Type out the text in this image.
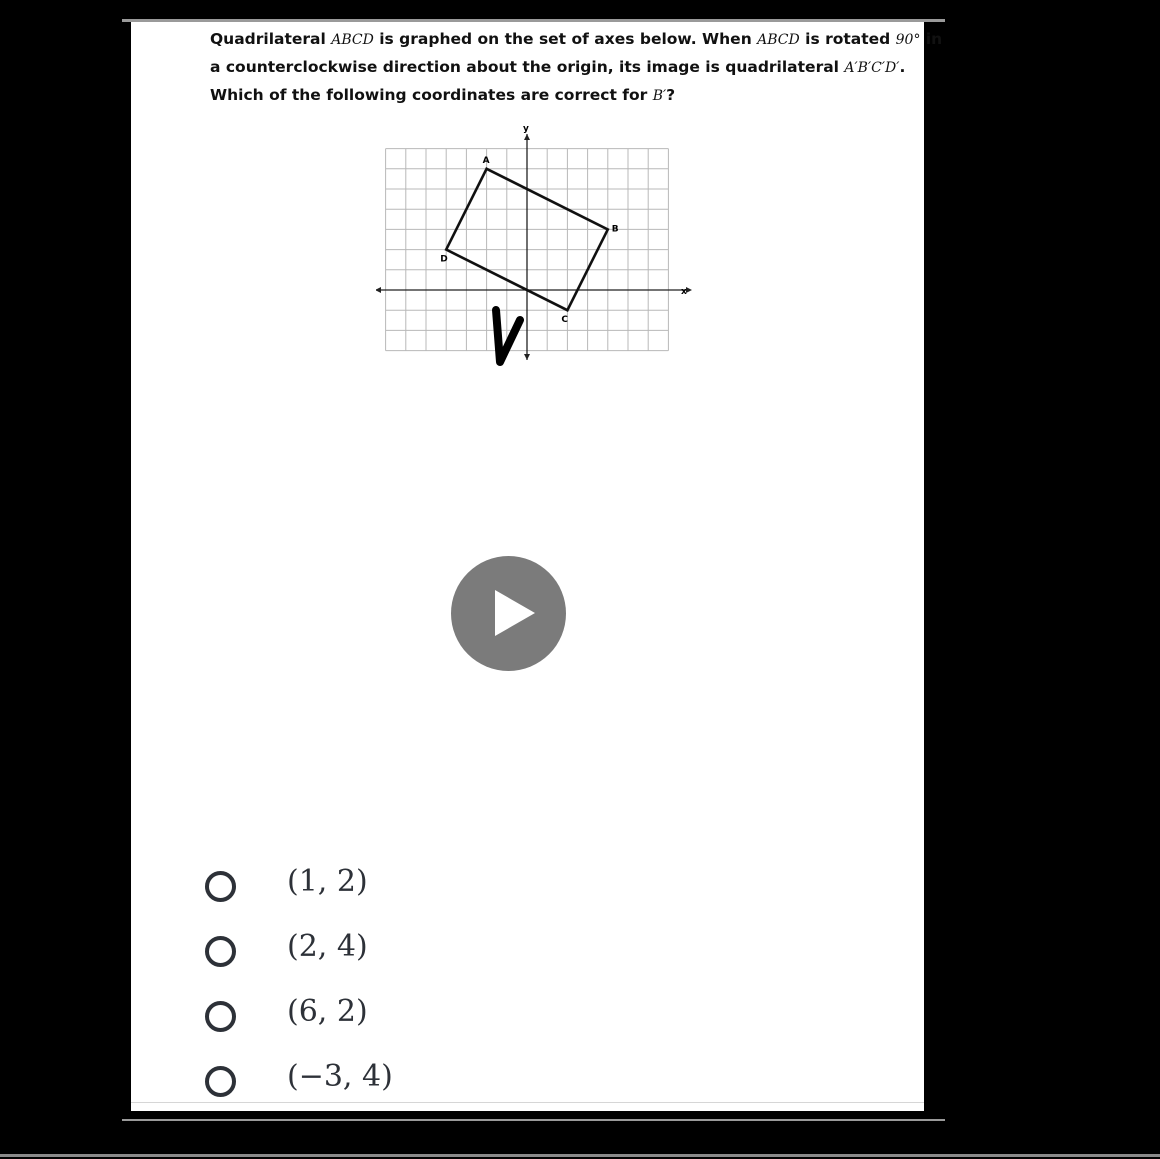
Quadrilateral ABCD is graphed on the set of axes below. When ABCD is rotated 90° in

a counterclockwise direction about the origin, its image is quadrilateral A′B′C′D′.

Which of the following coordinates are correct for B′?

x
y
A
B
C
D
(1, 2)
(2, 4)
(6, 2)
(−3, 4)
